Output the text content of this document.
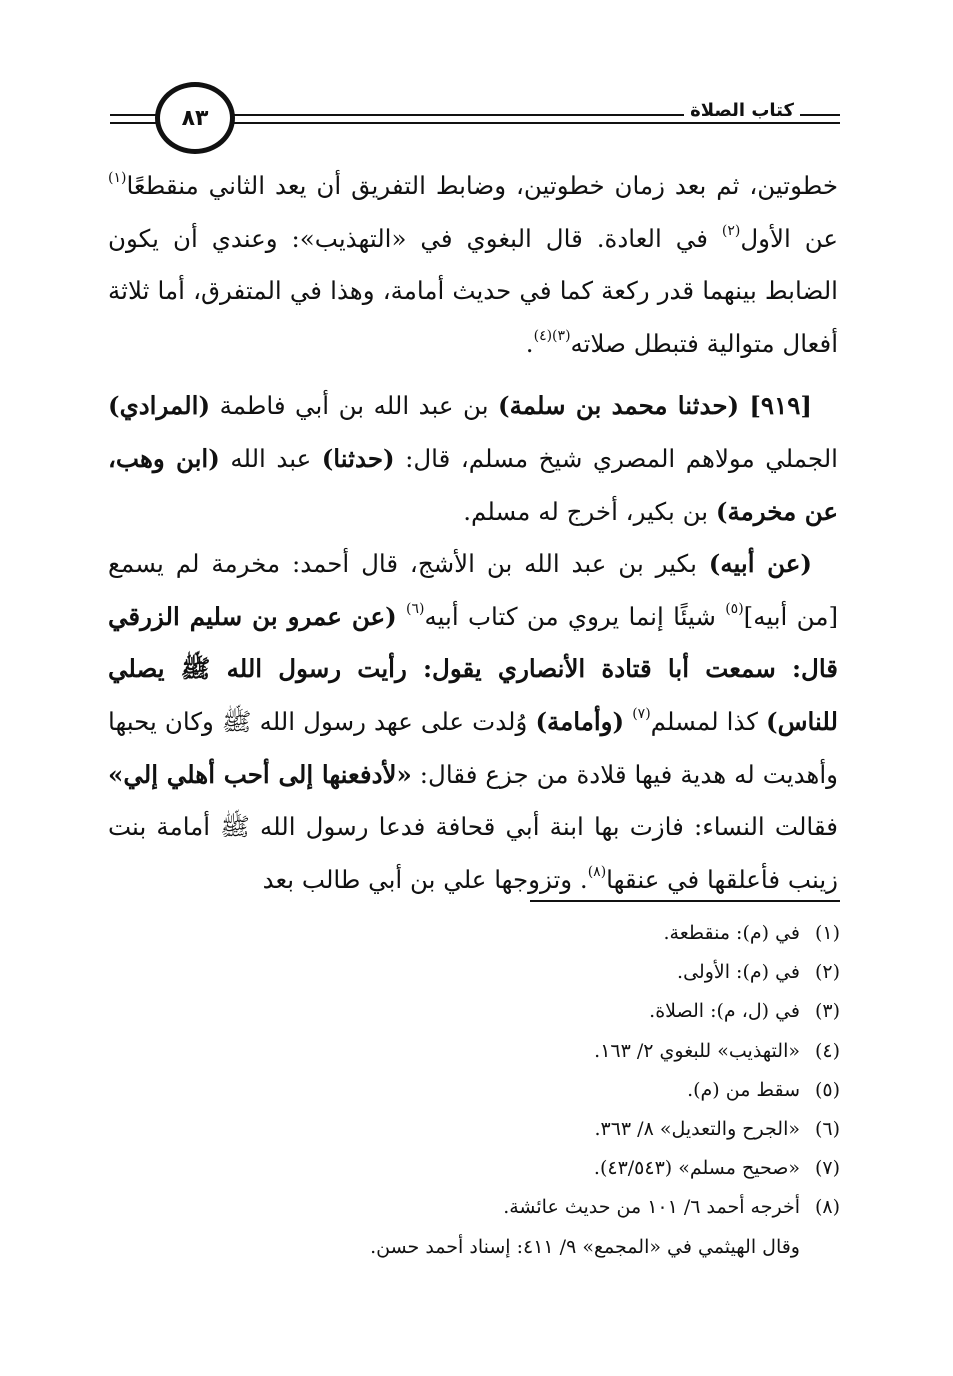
٨٣	كتاب الصلاة

خطوتين، ثم بعد زمان خطوتين، وضابط التفريق أن يعد الثاني منقطعًا$^{(١)}$ عن الأول$^{(٢)}$ في العادة. قال البغوي في «التهذيب»: وعندي أن يكون الضابط بينهما قدر ركعة كما في حديث أمامة، وهذا في المتفرق، أما ثلاثة أفعال متوالية فتبطل صلاته$^{(٣)(٤)}$.

[٩١٩] (حدثنا محمد بن سلمة) بن عبد الله بن أبي فاطمة (المرادي) الجملي مولاهم المصري شيخ مسلم، قال: (حدثنا) عبد الله (ابن وهب، عن مخرمة) بن بكير، أخرج له مسلم.

(عن أبيه) بكير بن عبد الله بن الأشج، قال أحمد: مخرمة لم يسمع [من أبيه]$^{(٥)}$ شيئًا إنما يروي من كتاب أبيه$^{(٦)}$ (عن عمرو بن سليم الزرقي قال: سمعت أبا قتادة الأنصاري يقول: رأيت رسول الله ﷺ يصلي للناس) كذا لمسلم$^{(٧)}$ (وأمامة) وُلدت على عهد رسول الله ﷺ وكان يحبها وأهديت له هدية فيها قلادة من جزع فقال: «لأدفعنها إلى أحب أهلي إلي» فقالت النساء: فازت بها ابنة أبي قحافة فدعا رسول الله ﷺ أمامة بنت زينب فأعلقها في عنقها$^{(٨)}$. وتزوجها علي بن أبي طالب بعد

(١)
في (م): منقطعة.
(٢)
في (م): الأولى.
(٣)
في (ل، م): الصلاة.
(٤)
«التهذيب» للبغوي ٢/ ١٦٣.
(٥)
سقط من (م).
(٦)
«الجرح والتعديل» ٨/ ٣٦٣.
(٧)
«صحيح مسلم» (٤٣/٥٤٣).
(٨)
أخرجه أحمد ٦/ ١٠١ من حديث عائشة.
وقال الهيثمي في «المجمع» ٩/ ٤١١: إسناد أحمد حسن.
